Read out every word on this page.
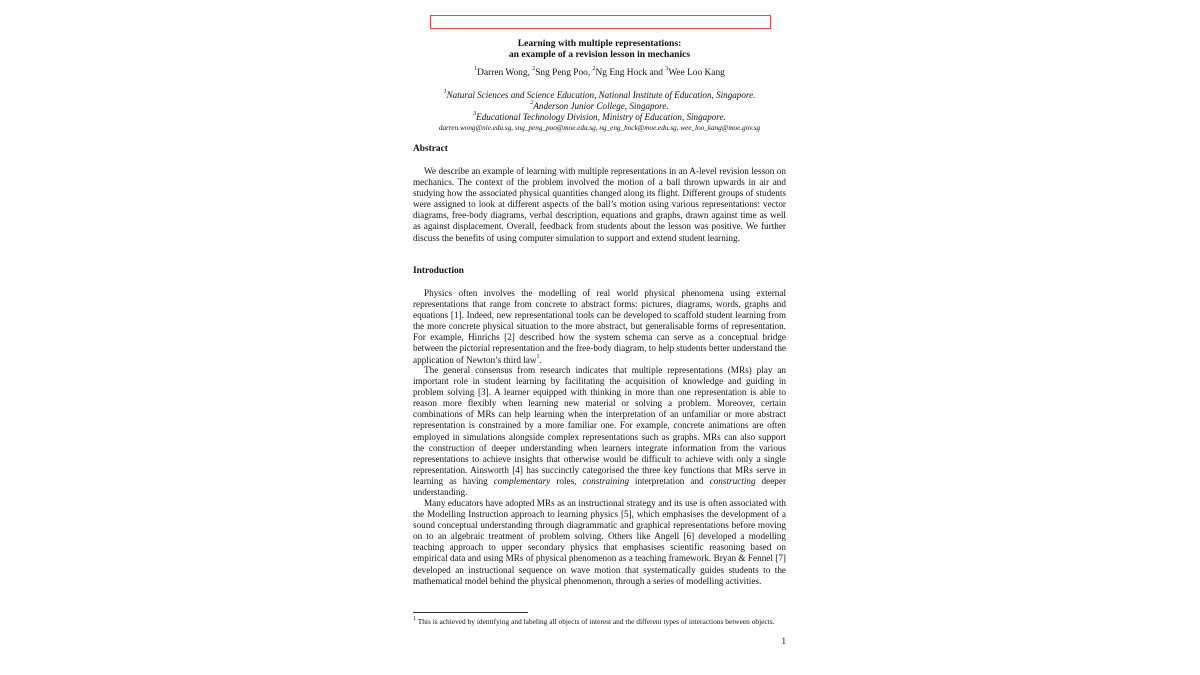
Learning with multiple representations:
an example of a revision lesson in mechanics
$^1$Darren Wong, $^2$Sng Peng Poo, $^2$Ng Eng Hock and $^3$Wee Loo Kang
$^1$Natural Sciences and Science Education, National Institute of Education, Singapore.
$^2$Anderson Junior College, Singapore.
$^3$Educational Technology Division, Ministry of Education, Singapore.
darren.wong@nie.edu.sg, sng_peng_poo@moe.edu.sg, ng_eng_hock@moe.edu.sg, wee_loo_kang@moe.gov.sg
Abstract
We describe an example of learning with multiple representations in an A-level revision lesson on mechanics. The context of the problem involved the motion of a ball thrown upwards in air and studying how the associated physical quantities changed along its flight. Different groups of students were assigned to look at different aspects of the ball’s motion using various representations: vector diagrams, free-body diagrams, verbal description, equations and graphs, drawn against time as well as against displacement. Overall, feedback from students about the lesson was positive. We further discuss the benefits of using computer simulation to support and extend student learning.
Introduction
Physics often involves the modelling of real world physical phenomena using external representations that range from concrete to abstract forms: pictures, diagrams, words, graphs and equations [1]. Indeed, new representational tools can be developed to scaffold student learning from the more concrete physical situation to the more abstract, but generalisable forms of representation. For example, Hinrichs [2] described how the system schema can serve as a conceptual bridge between the pictorial representation and the free-body diagram, to help students better understand the application of Newton’s third law$^1$.
The general consensus from research indicates that multiple representations (MRs) play an important role in student learning by facilitating the acquisition of knowledge and guiding in problem solving [3]. A learner equipped with thinking in more than one representation is able to reason more flexibly when learning new material or solving a problem. Moreover, certain combinations of MRs can help learning when the interpretation of an unfamiliar or more abstract representation is constrained by a more familiar one. For example, concrete animations are often employed in simulations alongside complex representations such as graphs. MRs can also support the construction of deeper understanding when learners integrate information from the various representations to achieve insights that otherwise would be difficult to achieve with only a single representation. Ainsworth [4] has succinctly categorised the three key functions that MRs serve in learning as having complementary roles, constraining interpretation and constructing deeper understanding.
Many educators have adopted MRs as an instructional strategy and its use is often associated with the Modelling Instruction approach to learning physics [5], which emphasises the development of a sound conceptual understanding through diagrammatic and graphical representations before moving on to an algebraic treatment of problem solving. Others like Angell [6] developed a modelling teaching approach to upper secondary physics that emphasises scientific reasoning based on empirical data and using MRs of physical phenomenon as a teaching framework. Bryan & Fennel [7] developed an instructional sequence on wave motion that systematically guides students to the mathematical model behind the physical phenomenon, through a series of modelling activities.
$^1$ This is achieved by identifying and labeling all objects of interest and the different types of interactions between objects.
1
